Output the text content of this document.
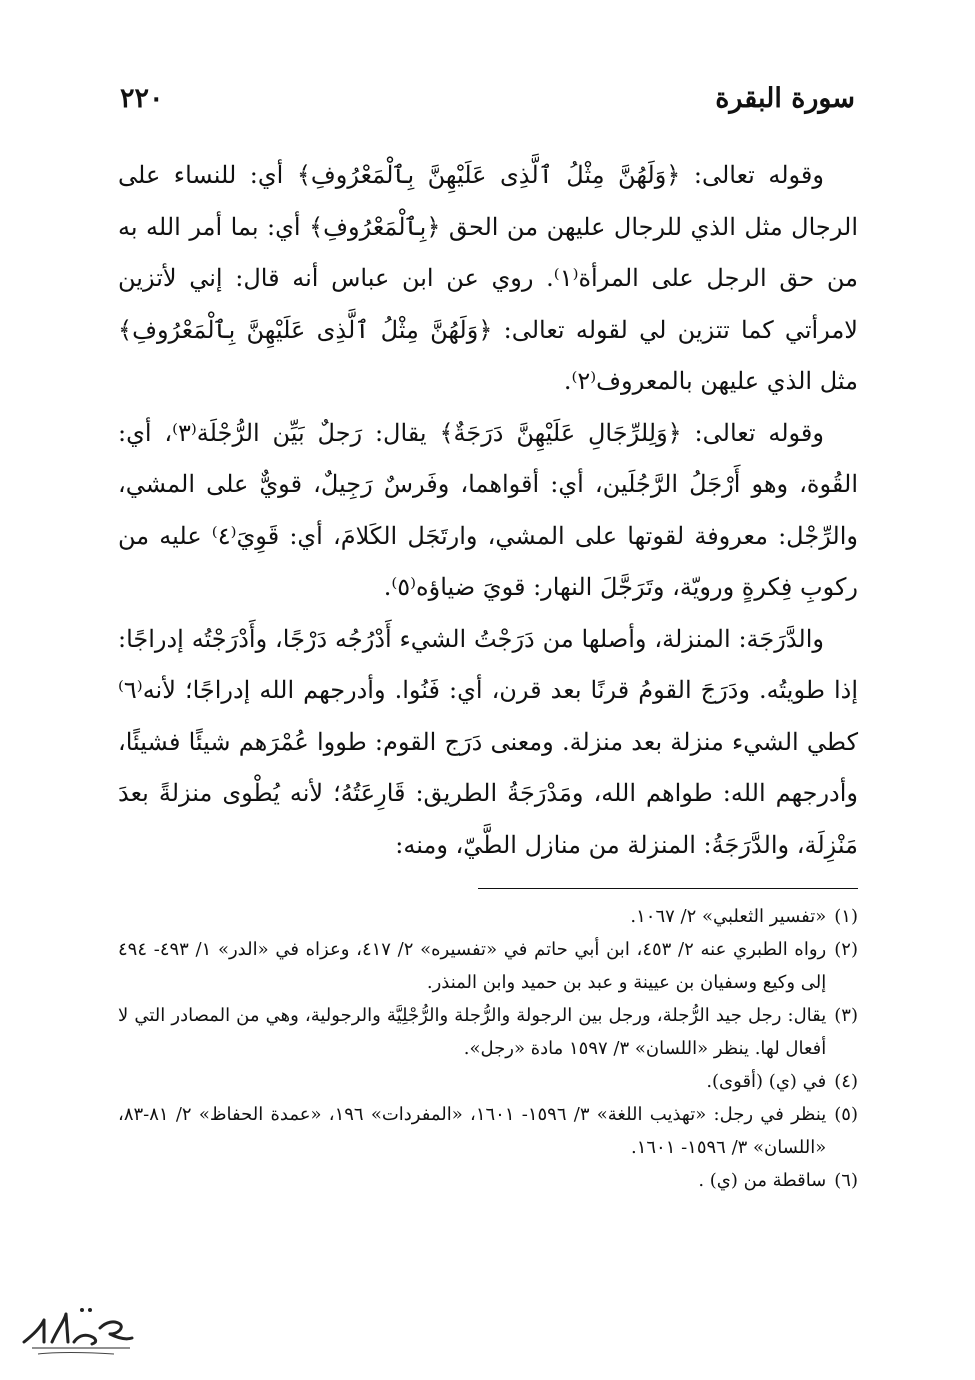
سورة البقرة
٢٢٠

وقوله تعالى: ﴿وَلَهُنَّ مِثْلُ ٱلَّذِى عَلَيْهِنَّ بِٱلْمَعْرُوفِ﴾ أي: للنساء على الرجال مثل الذي للرجال عليهن من الحق ﴿بِٱلْمَعْرُوفِ﴾ أي: بما أمر الله به من حق الرجل على المرأة⁽١⁾. روي عن ابن عباس أنه قال: إني لأتزين لامرأتي كما تتزين لي لقوله تعالى: ﴿وَلَهُنَّ مِثْلُ ٱلَّذِى عَلَيْهِنَّ بِٱلْمَعْرُوفِ﴾ مثل الذي عليهن بالمعروف⁽٢⁾.

وقوله تعالى: ﴿وَلِلرِّجَالِ عَلَيْهِنَّ دَرَجَةٌ﴾ يقال: رَجلٌ بَيِّن الرُّجْلَة⁽٣⁾، أي: القُوة، وهو أَرْجَلُ الرَّجُلَين، أي: أقواهما، وفَرسٌ رَجِيلٌ، قويٌّ على المشي، والرِّجْل: معروفة لقوتها على المشي، وارتَجَل الكَلامَ، أي: قَوِيَ⁽٤⁾ عليه من ركوبِ فِكرةٍ ورويّة، وتَرَجَّلَ النهار: قويَ ضياؤه⁽٥⁾.

والدَّرَجَة: المنزلة، وأصلها من دَرَجْتُ الشيء أَدْرُجُه دَرْجًا، وأَدْرَجْتُه إدراجًا: إذا طويتُه. ودَرَجَ القومُ قرنًا بعد قرن، أي: فَنُوا. وأدرجهم الله إدراجًا؛ لأنه⁽٦⁾ كطي الشيء منزلة بعد منزلة. ومعنى دَرَج القوم: طووا عُمْرَهم شيئًا فشيئًا، وأدرجهم الله: طواهم الله، ومَدْرَجَةُ الطريق: قَارِعَتُهُ؛ لأنه يُطْوى منزلةً بعدَ مَنْزِلَة، والدَّرَجَةُ: المنزلة من منازل الطَّيّ، ومنه:

(١)
«تفسير الثعلبي» ٢/ ١٠٦٧.
(٢)
رواه الطبري عنه ٢/ ٤٥٣، ابن أبي حاتم في «تفسيره» ٢/ ٤١٧، وعزاه في «الدر» ١/ ٤٩٣- ٤٩٤ إلى وكيع وسفيان بن عيينة و عبد بن حميد وابن المنذر.
(٣)
يقال: رجل جيد الرُّجلة، ورجل بين الرجولة والرُّجلة والرُّجْلِيَّة والرجولية، وهي من المصادر التي لا أفعال لها. ينظر «اللسان» ٣/ ١٥٩٧ مادة «رجل».
(٤)
في (ي) (أقوى).
(٥)
ينظر في رجل: «تهذيب اللغة» ٣/ ١٥٩٦- ١٦٠١، «المفردات» ١٩٦، «عمدة الحفاظ» ٢/ ٨١-٨٣، «اللسان» ٣/ ١٥٩٦- ١٦٠١.
(٦)
ساقطة من (ي) .
